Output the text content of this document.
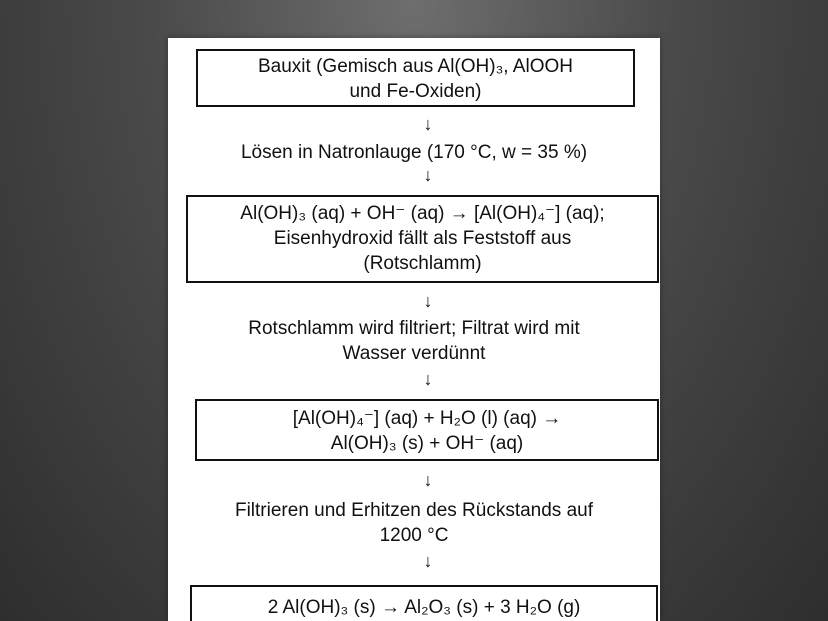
Bauxit (Gemisch aus Al(OH)₃, AlOOH
und Fe-Oxiden)
↓
Lösen in Natronlauge (170 °C, w = 35 %)
↓
Al(OH)₃ (aq) + OH⁻ (aq) → [Al(OH)₄⁻] (aq);
Eisenhydroxid fällt als Feststoff aus
(Rotschlamm)
↓
Rotschlamm wird filtriert; Filtrat wird mit
Wasser verdünnt
↓
[Al(OH)₄⁻] (aq) + H₂O (l) (aq) →
Al(OH)₃ (s) + OH⁻ (aq)
↓
Filtrieren und Erhitzen des Rückstands auf
1200 °C
↓
2 Al(OH)₃ (s) → Al₂O₃ (s) + 3 H₂O (g)
